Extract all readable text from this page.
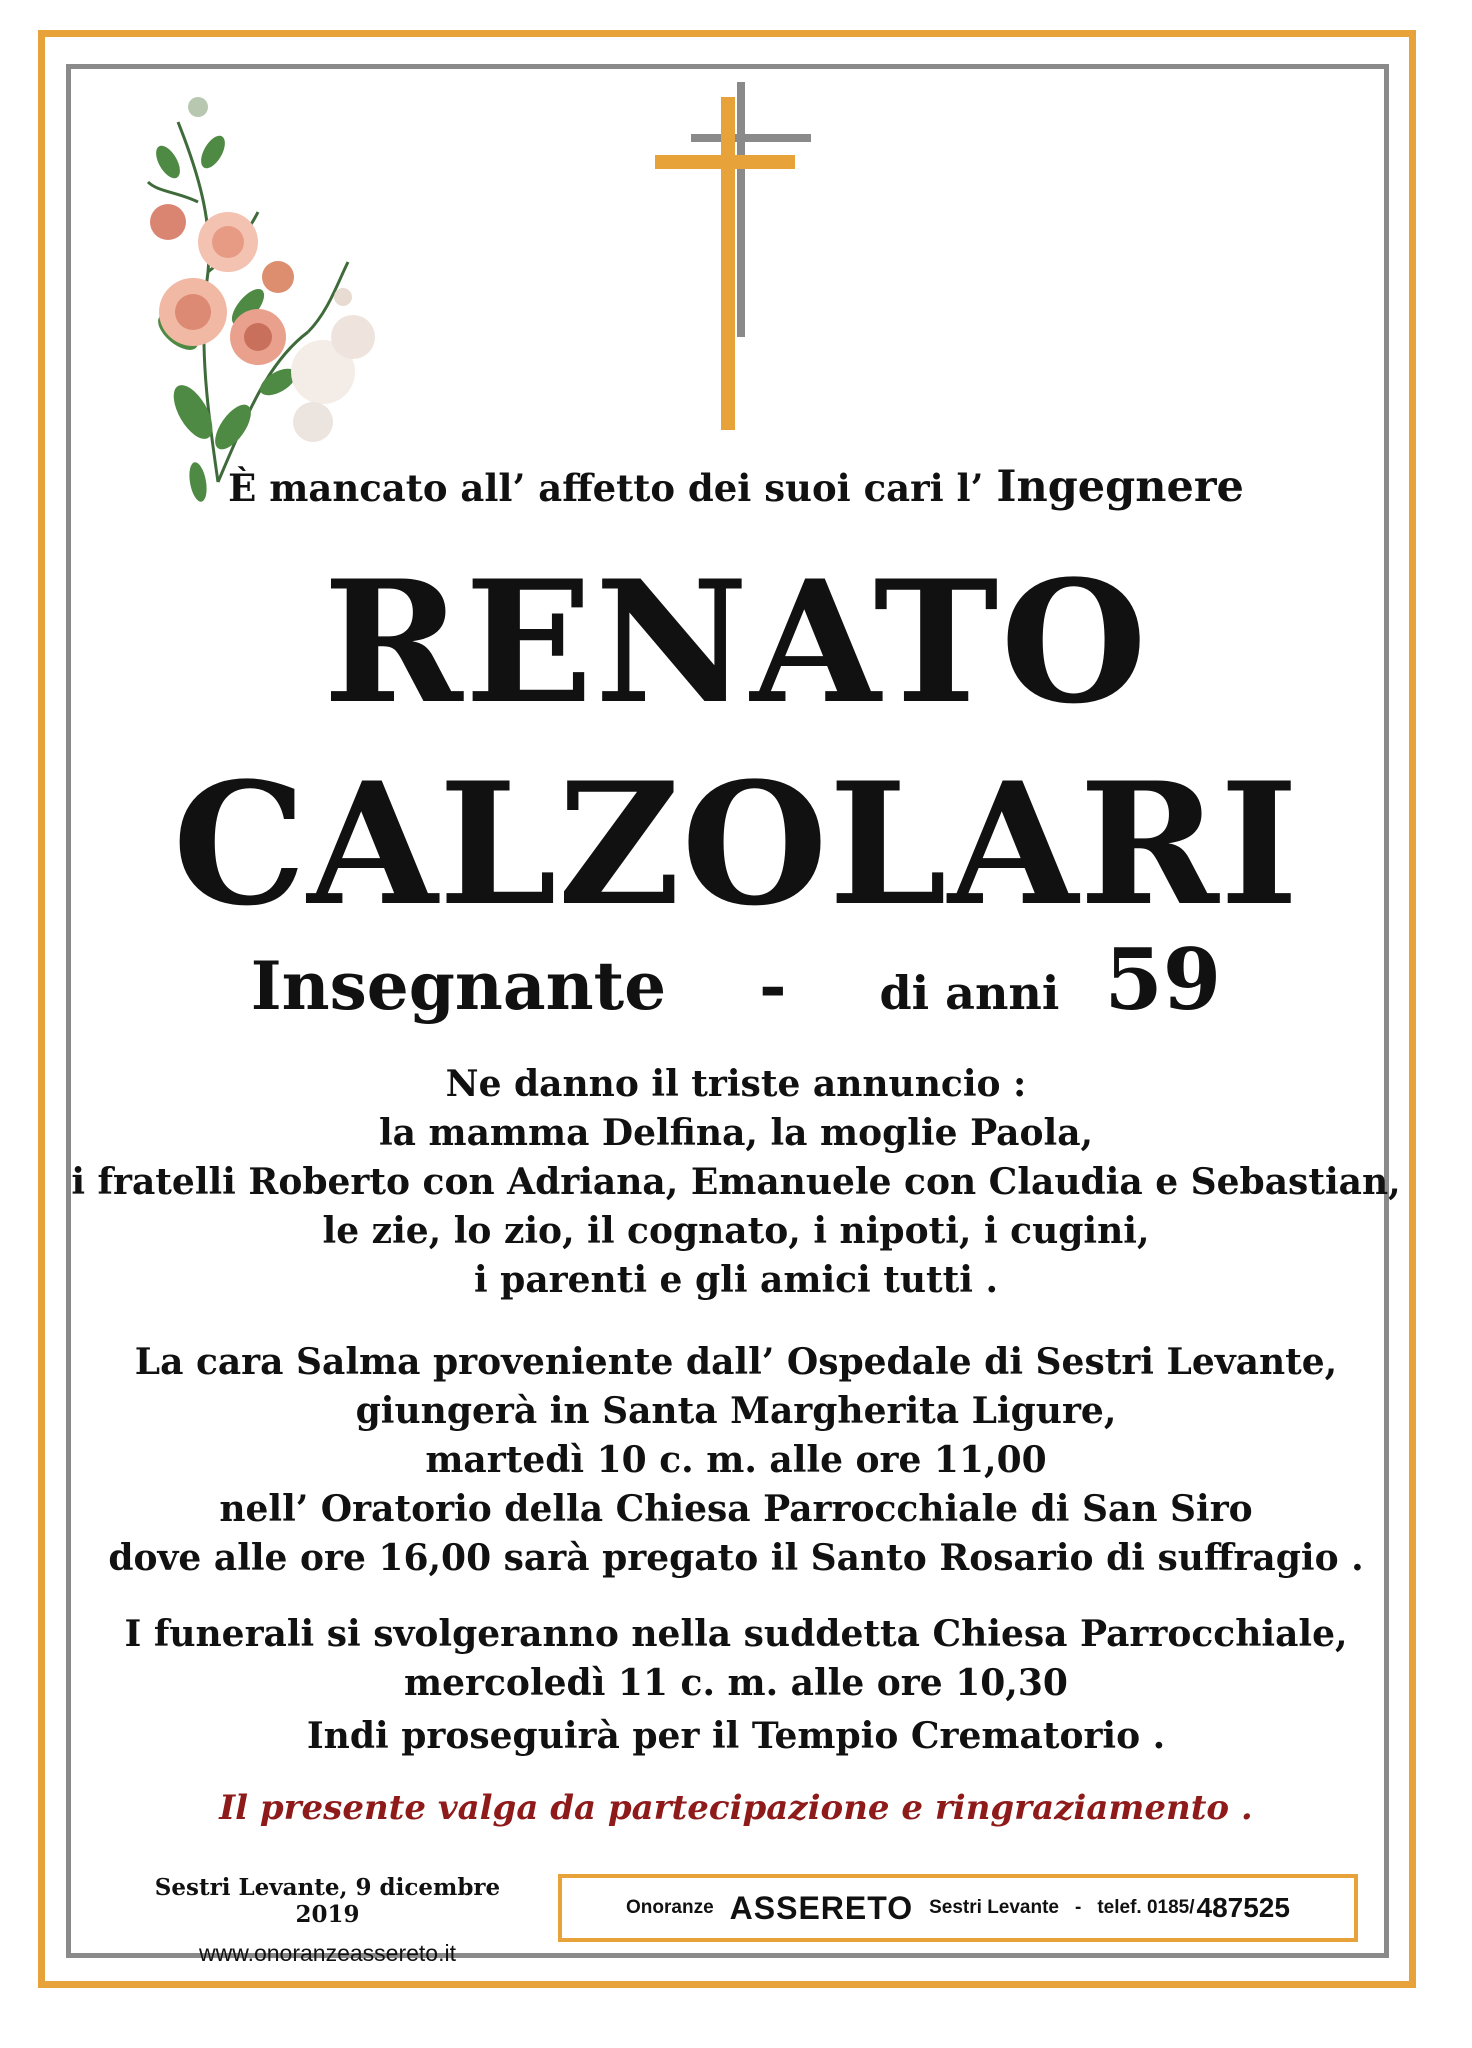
È mancato all’ affetto dei suoi cari l’ Ingegnere
RENATO
CALZOLARI
Insegnante - di anni 59
Ne danno il triste annuncio :
la mamma Delfina, la moglie Paola,
i fratelli Roberto con Adriana, Emanuele con Claudia e Sebastian,
le zie, lo zio, il cognato, i nipoti, i cugini,
i parenti e gli amici tutti .
La cara Salma proveniente dall’ Ospedale di Sestri Levante,
giungerà in Santa Margherita Ligure,
martedì 10 c. m. alle ore 11,00
nell’ Oratorio della Chiesa Parrocchiale di San Siro
dove alle ore 16,00 sarà pregato il Santo Rosario di suffragio .
I funerali si svolgeranno nella suddetta Chiesa Parrocchiale,
mercoledì 11 c. m. alle ore 10,30
Indi proseguirà per il Tempio Crematorio .
Il presente valga da partecipazione e ringraziamento .
Sestri Levante, 9 dicembre 2019
www.onoranzeassereto.it
Onoranze ASSERETO Sestri Levante - telef. 0185/ 487525
